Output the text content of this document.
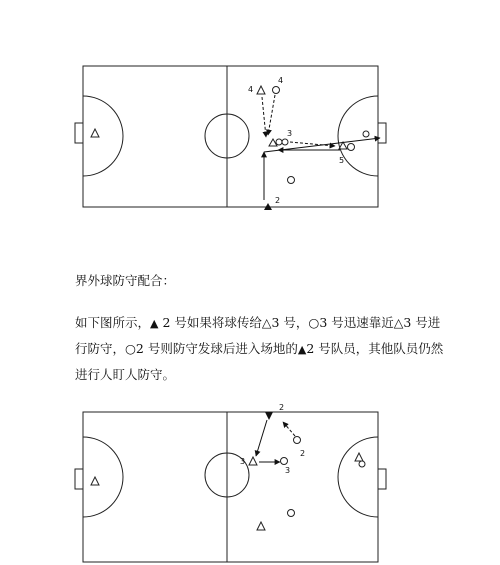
4
4
3
5
2
界外球防守配合：
如下图所示，▲ 2 号如果将球传给△3 号，○3 号迅速靠近△3 号进
行防守，○2 号则防守发球后进入场地的▲2 号队员，其他队员仍然
进行人盯人防守。
2
2
3
3
